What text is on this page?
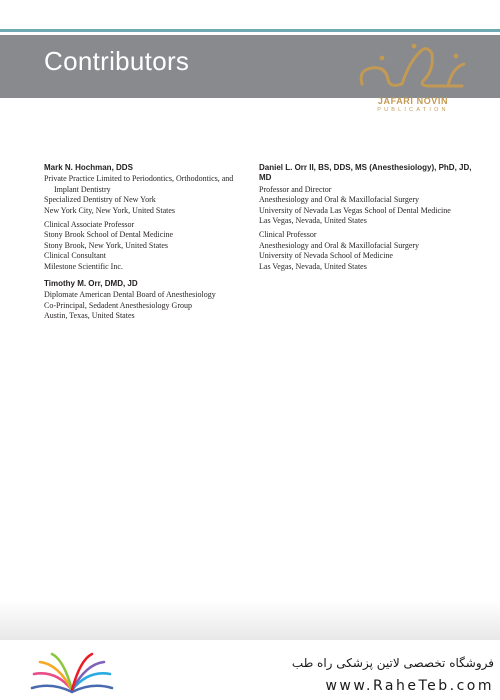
Contributors
JAFARI NOVIN
PUBLICATION
Mark N. Hochman, DDS
Private Practice Limited to Periodontics, Orthodontics, and
Implant Dentistry
Specialized Dentistry of New York
New York City, New York, United States
Clinical Associate Professor
Stony Brook School of Dental Medicine
Stony Brook, New York, United States
Clinical Consultant
Milestone Scientific Inc.
Timothy M. Orr, DMD, JD
Diplomate American Dental Board of Anesthesiology
Co-Principal, Sedadent Anesthesiology Group
Austin, Texas, United States
Daniel L. Orr II, BS, DDS, MS (Anesthesiology), PhD, JD, MD
Professor and Director
Anesthesiology and Oral & Maxillofacial Surgery
University of Nevada Las Vegas School of Dental Medicine
Las Vegas, Nevada, United States
Clinical Professor
Anesthesiology and Oral & Maxillofacial Surgery
University of Nevada School of Medicine
Las Vegas, Nevada, United States
فروشگاه تخصصی لاتین پزشکی راه طب
www.RaheTeb.com
